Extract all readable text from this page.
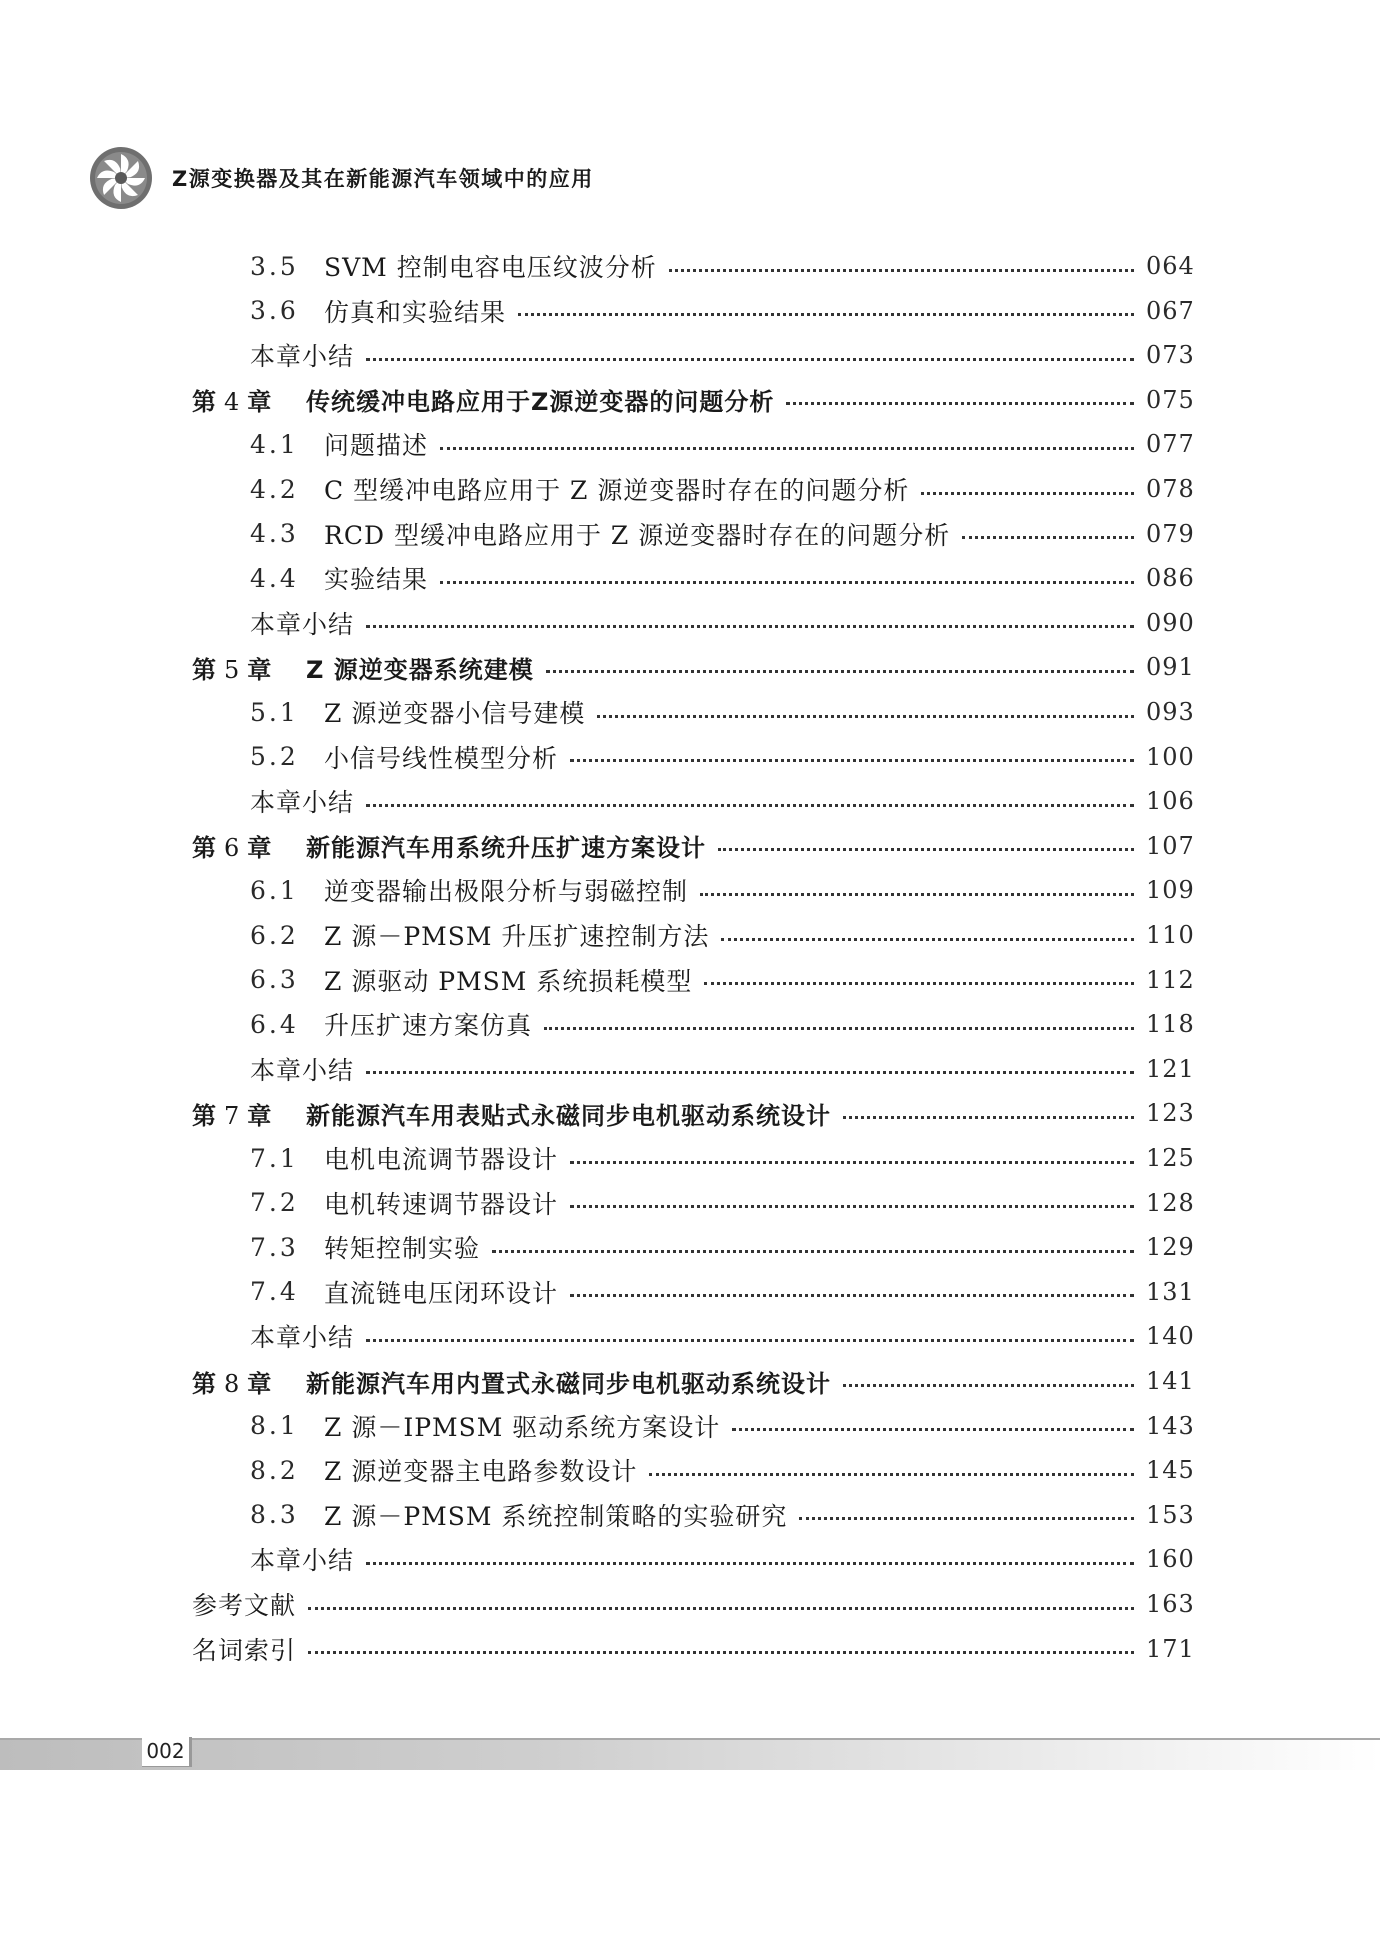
Z源变换器及其在新能源汽车领域中的应用
3.5	SVM 控制电容电压纹波分析	064
3.6	仿真和实验结果	067
本章小结	073
第 4 章	传统缓冲电路应用于Z源逆变器的问题分析	075
4.1	问题描述	077
4.2	C 型缓冲电路应用于 Z 源逆变器时存在的问题分析	078
4.3	RCD 型缓冲电路应用于 Z 源逆变器时存在的问题分析	079
4.4	实验结果	086
本章小结	090
第 5 章	Z 源逆变器系统建模	091
5.1	Z 源逆变器小信号建模	093
5.2	小信号线性模型分析	100
本章小结	106
第 6 章	新能源汽车用系统升压扩速方案设计	107
6.1	逆变器输出极限分析与弱磁控制	109
6.2	Z 源－PMSM 升压扩速控制方法	110
6.3	Z 源驱动 PMSM 系统损耗模型	112
6.4	升压扩速方案仿真	118
本章小结	121
第 7 章	新能源汽车用表贴式永磁同步电机驱动系统设计	123
7.1	电机电流调节器设计	125
7.2	电机转速调节器设计	128
7.3	转矩控制实验	129
7.4	直流链电压闭环设计	131
本章小结	140
第 8 章	新能源汽车用内置式永磁同步电机驱动系统设计	141
8.1	Z 源－IPMSM 驱动系统方案设计	143
8.2	Z 源逆变器主电路参数设计	145
8.3	Z 源－PMSM 系统控制策略的实验研究	153
本章小结	160
参考文献	163
名词索引	171
002
